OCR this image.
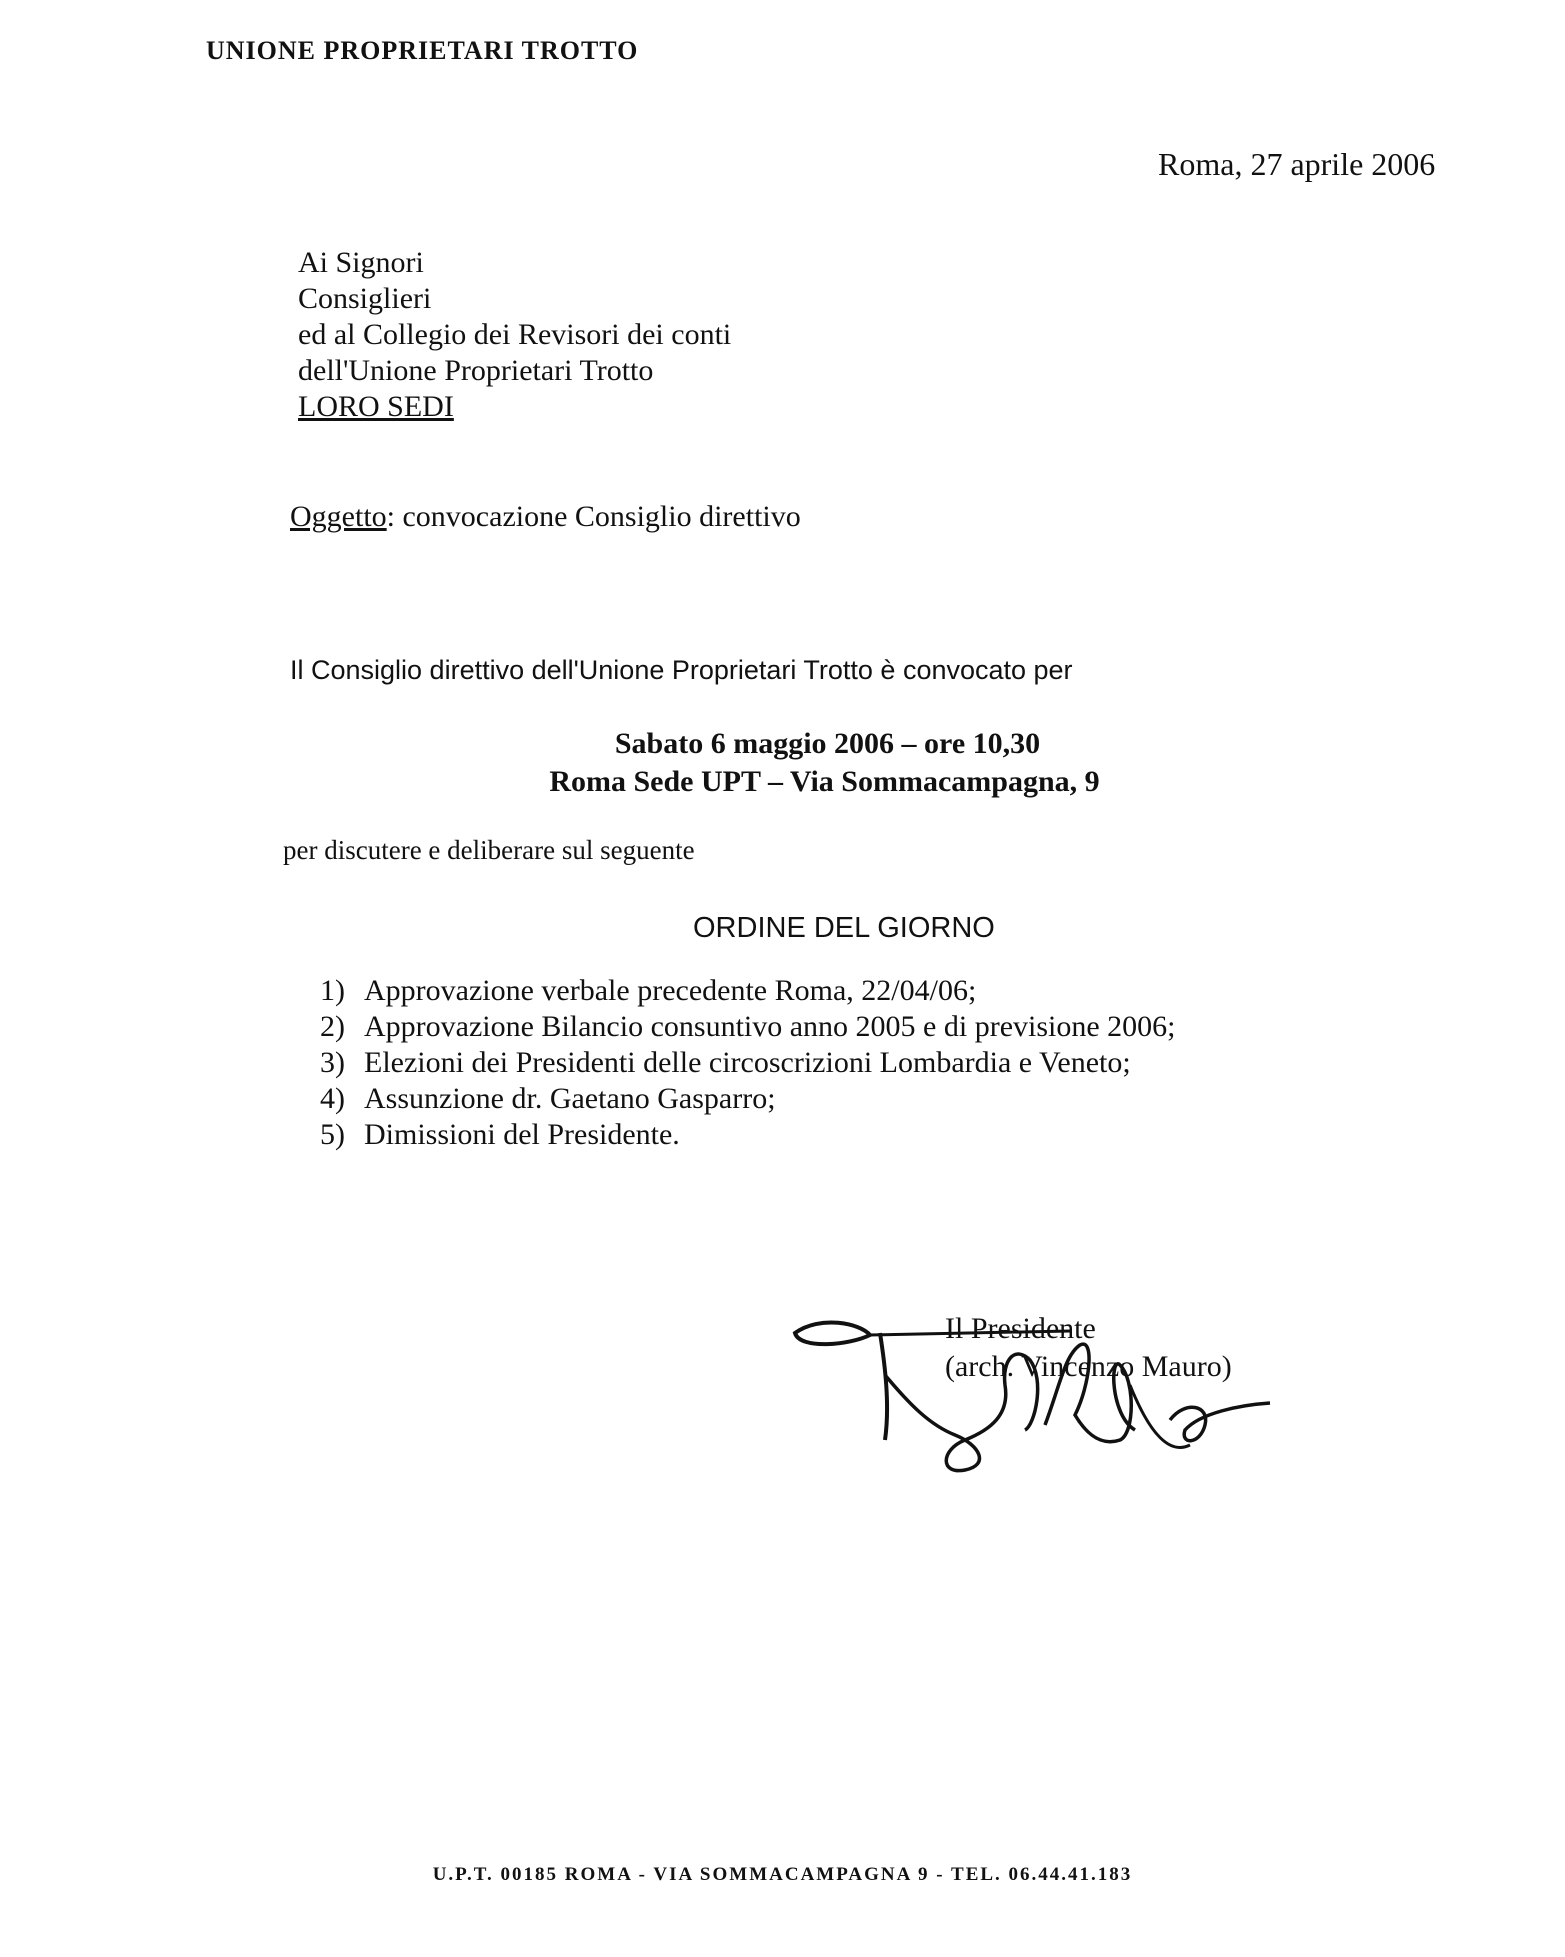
UNIONE PROPRIETARI TROTTO
Roma, 27 aprile 2006
Ai Signori
Consiglieri
ed al Collegio dei Revisori dei conti
dell'Unione Proprietari Trotto
LORO SEDI
Oggetto: convocazione Consiglio direttivo
Il Consiglio direttivo dell'Unione Proprietari Trotto è convocato per
Sabato 6 maggio 2006 – ore 10,30
Roma Sede UPT – Via Sommacampagna, 9
per discutere e deliberare sul seguente
ORDINE DEL GIORNO
1) Approvazione verbale precedente Roma, 22/04/06;
2) Approvazione Bilancio consuntivo anno 2005 e di previsione 2006;
3) Elezioni dei Presidenti delle circoscrizioni Lombardia e Veneto;
4) Assunzione dr. Gaetano Gasparro;
5) Dimissioni del Presidente.
Il Presidente
(arch. Vincenzo Mauro)
U.P.T. 00185 ROMA - VIA SOMMACAMPAGNA 9 - TEL. 06.44.41.183
